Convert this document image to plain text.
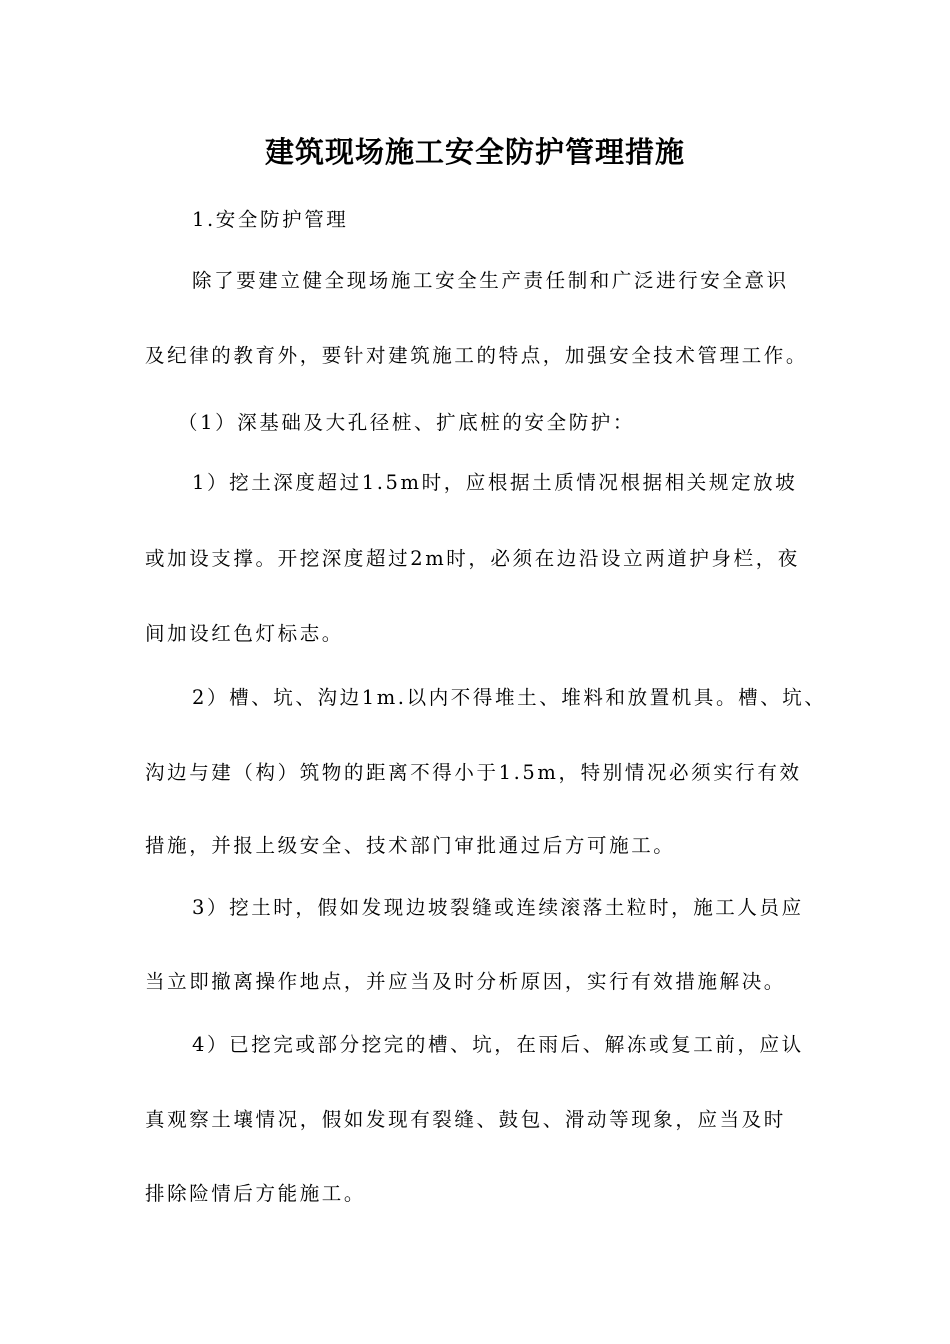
建筑现场施工安全防护管理措施
1.安全防护管理
除了要建立健全现场施工安全生产责任制和广泛进行安全意识
及纪律的教育外，要针对建筑施工的特点，加强安全技术管理工作。
（1）深基础及大孔径桩、扩底桩的安全防护：
1）挖土深度超过1.5m时，应根据土质情况根据相关规定放坡
或加设支撑。开挖深度超过2m时，必须在边沿设立两道护身栏，夜
间加设红色灯标志。
2）槽、坑、沟边1m.以内不得堆土、堆料和放置机具。槽、坑、
沟边与建（构）筑物的距离不得小于1.5m，特别情况必须实行有效
措施，并报上级安全、技术部门审批通过后方可施工。
3）挖土时，假如发现边坡裂缝或连续滚落土粒时，施工人员应
当立即撤离操作地点，并应当及时分析原因，实行有效措施解决。
4）已挖完或部分挖完的槽、坑，在雨后、解冻或复工前，应认
真观察土壤情况，假如发现有裂缝、鼓包、滑动等现象，应当及时
排除险情后方能施工。
